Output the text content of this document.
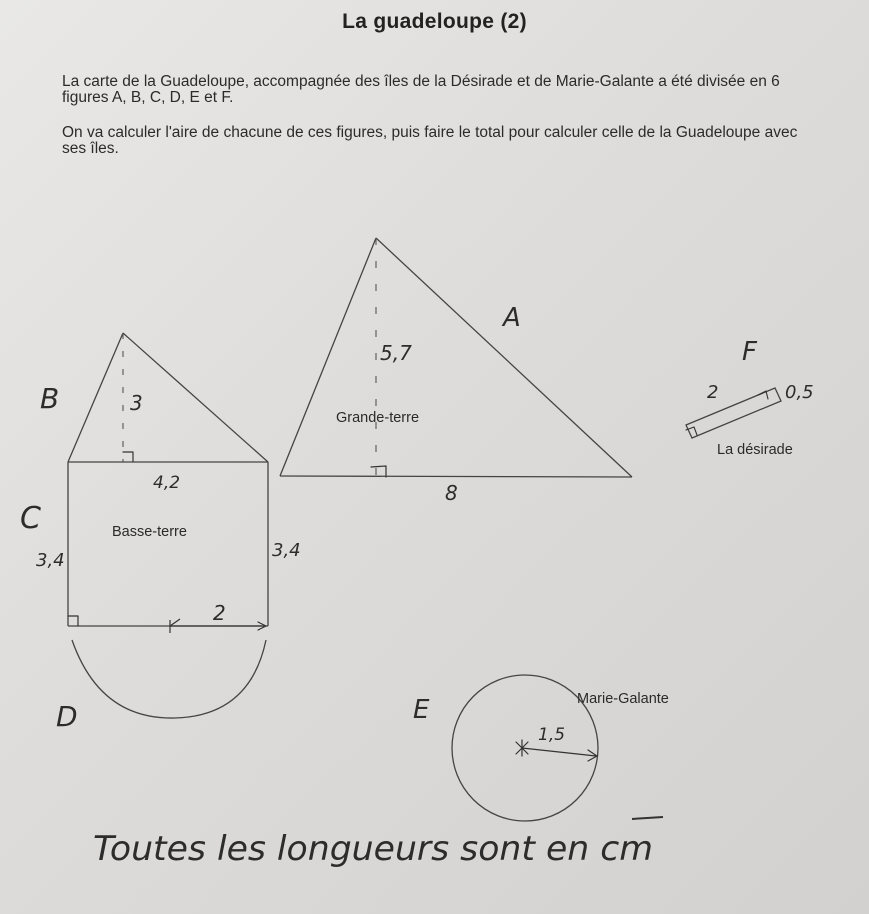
La guadeloupe (2)
La carte de la Guadeloupe, accompagnée des îles de la Désirade et de Marie-Galante a été divisée en 6 figures A, B, C, D, E et F.
On va calculer l'aire de chacune de ces figures, puis faire le total pour calculer celle de la Guadeloupe avec ses îles.
Grande-terre
Basse-terre
La désirade
Marie-Galante
A
5,7
8
B	3
4,2
C
3,4	3,4
D
2
E
1,5
F
2	0,5
Toutes les longueurs sont en cm
